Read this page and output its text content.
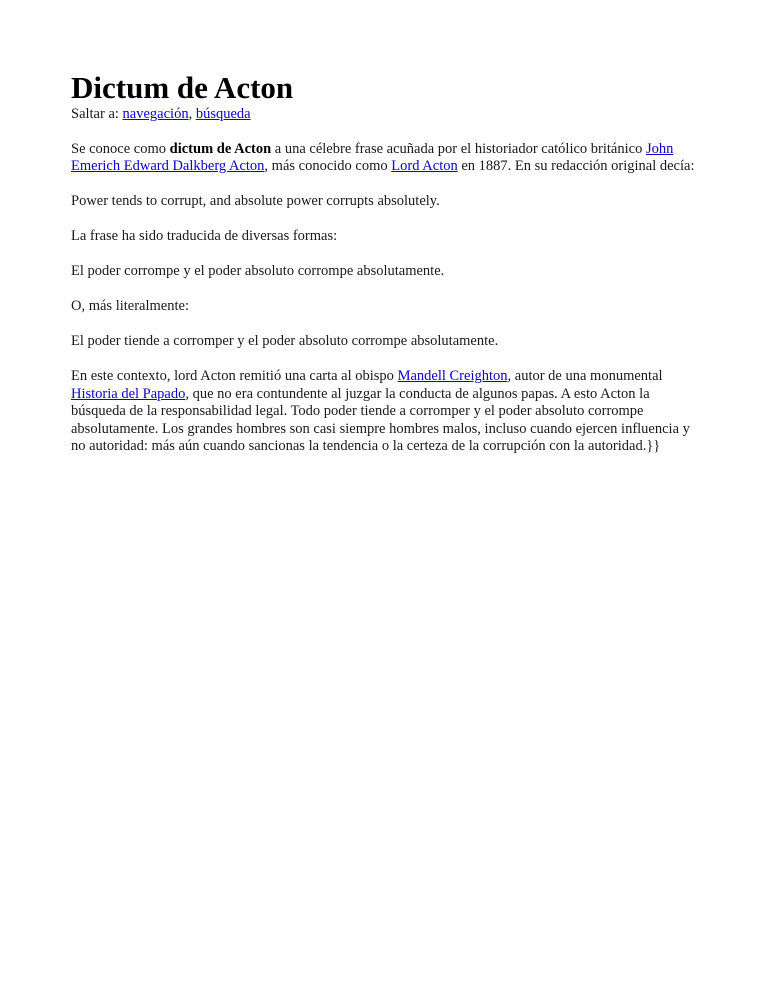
Dictum de Acton
Saltar a: navegación, búsqueda

Se conoce como dictum de Acton a una célebre frase acuñada por el historiador católico británico John Emerich Edward Dalkberg Acton, más conocido como Lord Acton en 1887. En su redacción original decía:

Power tends to corrupt, and absolute power corrupts absolutely.

La frase ha sido traducida de diversas formas:

El poder corrompe y el poder absoluto corrompe absolutamente.

O, más literalmente:

El poder tiende a corromper y el poder absoluto corrompe absolutamente.

En este contexto, lord Acton remitió una carta al obispo Mandell Creighton, autor de una monumental Historia del Papado, que no era contundente al juzgar la conducta de algunos papas. A esto Acton la búsqueda de la responsabilidad legal. Todo poder tiende a corromper y el poder absoluto corrompe absolutamente. Los grandes hombres son casi siempre hombres malos, incluso cuando ejercen influencia y no autoridad: más aún cuando sancionas la tendencia o la certeza de la corrupción con la autoridad.}}
